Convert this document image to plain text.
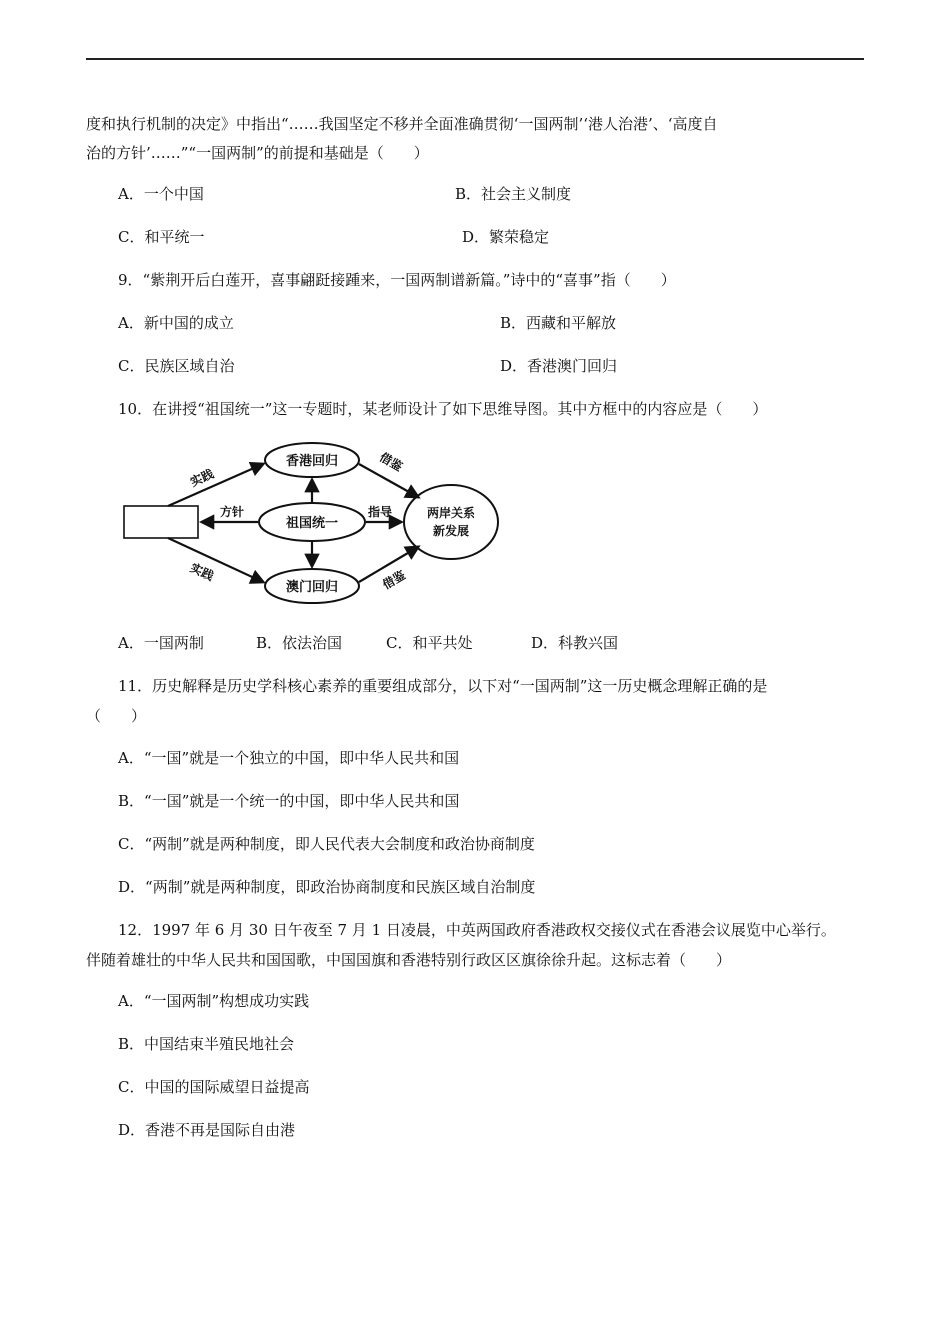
度和执行机制的决定》中指出“……我国坚定不移并全面准确贯彻‘一国两制’‘港人治港’、‘高度自
治的方针’……”“一国两制”的前提和基础是（　　）
A．一个中国	B．社会主义制度
C．和平统一	D．繁荣稳定
9．“紫荆开后白莲开，喜事翩跹接踵来，一国两制谱新篇。”诗中的“喜事”指（　　）
A．新中国的成立	B．西藏和平解放
C．民族区域自治	D．香港澳门回归
10．在讲授“祖国统一”这一专题时，某老师设计了如下思维导图。其中方框中的内容应是（　　）
香港回归
祖国统一
澳门回归
两岸关系
新发展
实践
实践
方针	指导
借鉴
借鉴
A．一国两制	B．依法治国	C．和平共处	D．科教兴国
11．历史解释是历史学科核心素养的重要组成部分，以下对“一国两制”这一历史概念理解正确的是
（　　）
A．“一国”就是一个独立的中国，即中华人民共和国
B．“一国”就是一个统一的中国，即中华人民共和国
C．“两制”就是两种制度，即人民代表大会制度和政治协商制度
D．“两制”就是两种制度，即政治协商制度和民族区域自治制度
12．1997 年 6 月 30 日午夜至 7 月 1 日凌晨，中英两国政府香港政权交接仪式在香港会议展览中心举行。
伴随着雄壮的中华人民共和国国歌，中国国旗和香港特别行政区区旗徐徐升起。这标志着（　　）
A．“一国两制”构想成功实践
B．中国结束半殖民地社会
C．中国的国际威望日益提高
D．香港不再是国际自由港
